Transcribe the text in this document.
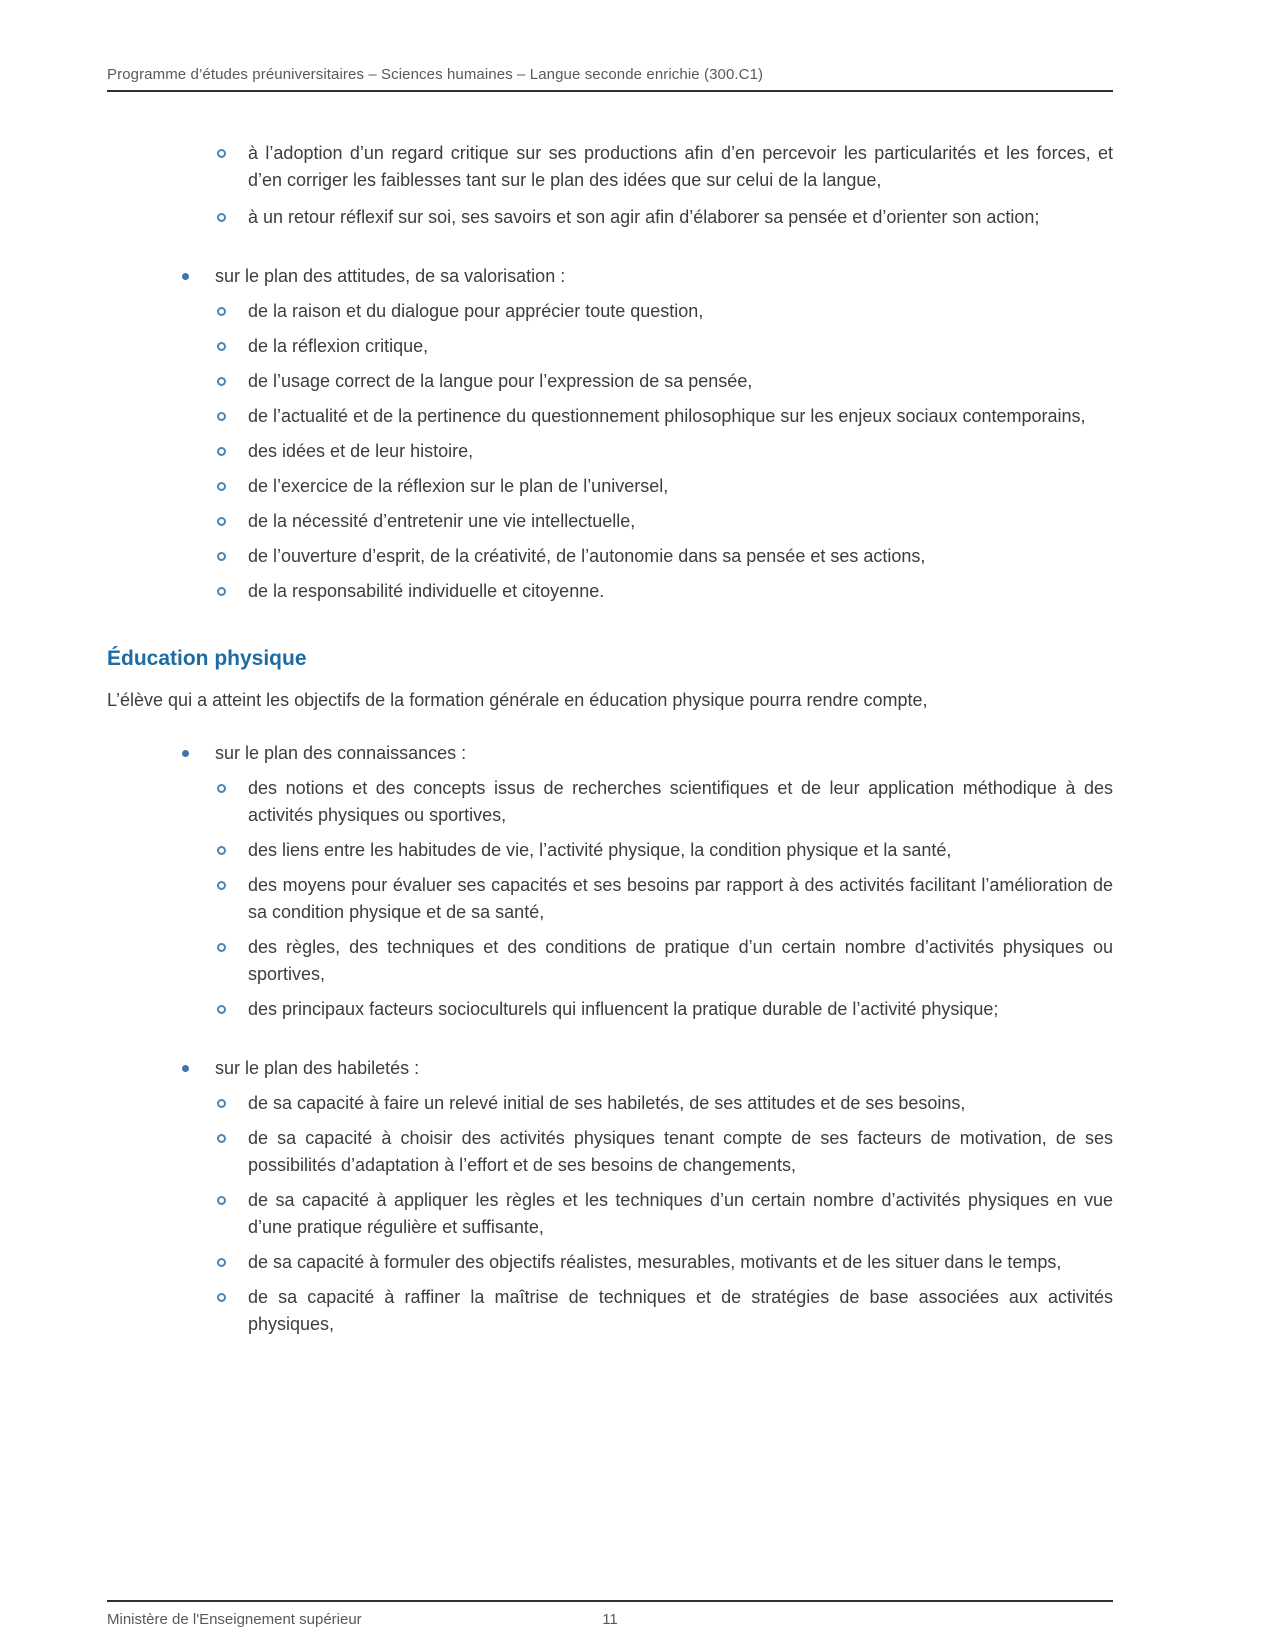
Programme d’études préuniversitaires – Sciences humaines – Langue seconde enrichie (300.C1)
à l’adoption d’un regard critique sur ses productions afin d’en percevoir les particularités et les forces, et d’en corriger les faiblesses tant sur le plan des idées que sur celui de la langue,
à un retour réflexif sur soi, ses savoirs et son agir afin d’élaborer sa pensée et d’orienter son action;
sur le plan des attitudes, de sa valorisation :
de la raison et du dialogue pour apprécier toute question,
de la réflexion critique,
de l’usage correct de la langue pour l’expression de sa pensée,
de l’actualité et de la pertinence du questionnement philosophique sur les enjeux sociaux contemporains,
des idées et de leur histoire,
de l’exercice de la réflexion sur le plan de l’universel,
de la nécessité d’entretenir une vie intellectuelle,
de l’ouverture d’esprit, de la créativité, de l’autonomie dans sa pensée et ses actions,
de la responsabilité individuelle et citoyenne.
Éducation physique

L’élève qui a atteint les objectifs de la formation générale en éducation physique pourra rendre compte,

sur le plan des connaissances :
des notions et des concepts issus de recherches scientifiques et de leur application méthodique à des activités physiques ou sportives,
des liens entre les habitudes de vie, l’activité physique, la condition physique et la santé,
des moyens pour évaluer ses capacités et ses besoins par rapport à des activités facilitant l’amélioration de sa condition physique et de sa santé,
des règles, des techniques et des conditions de pratique d’un certain nombre d’activités physiques ou sportives,
des principaux facteurs socioculturels qui influencent la pratique durable de l’activité physique;
sur le plan des habiletés :
de sa capacité à faire un relevé initial de ses habiletés, de ses attitudes et de ses besoins,
de sa capacité à choisir des activités physiques tenant compte de ses facteurs de motivation, de ses possibilités d’adaptation à l’effort et de ses besoins de changements,
de sa capacité à appliquer les règles et les techniques d’un certain nombre d’activités physiques en vue d’une pratique régulière et suffisante,
de sa capacité à formuler des objectifs réalistes, mesurables, motivants et de les situer dans le temps,
de sa capacité à raffiner la maîtrise de techniques et de stratégies de base associées aux activités physiques,
Ministère de l'Enseignement supérieur	11
